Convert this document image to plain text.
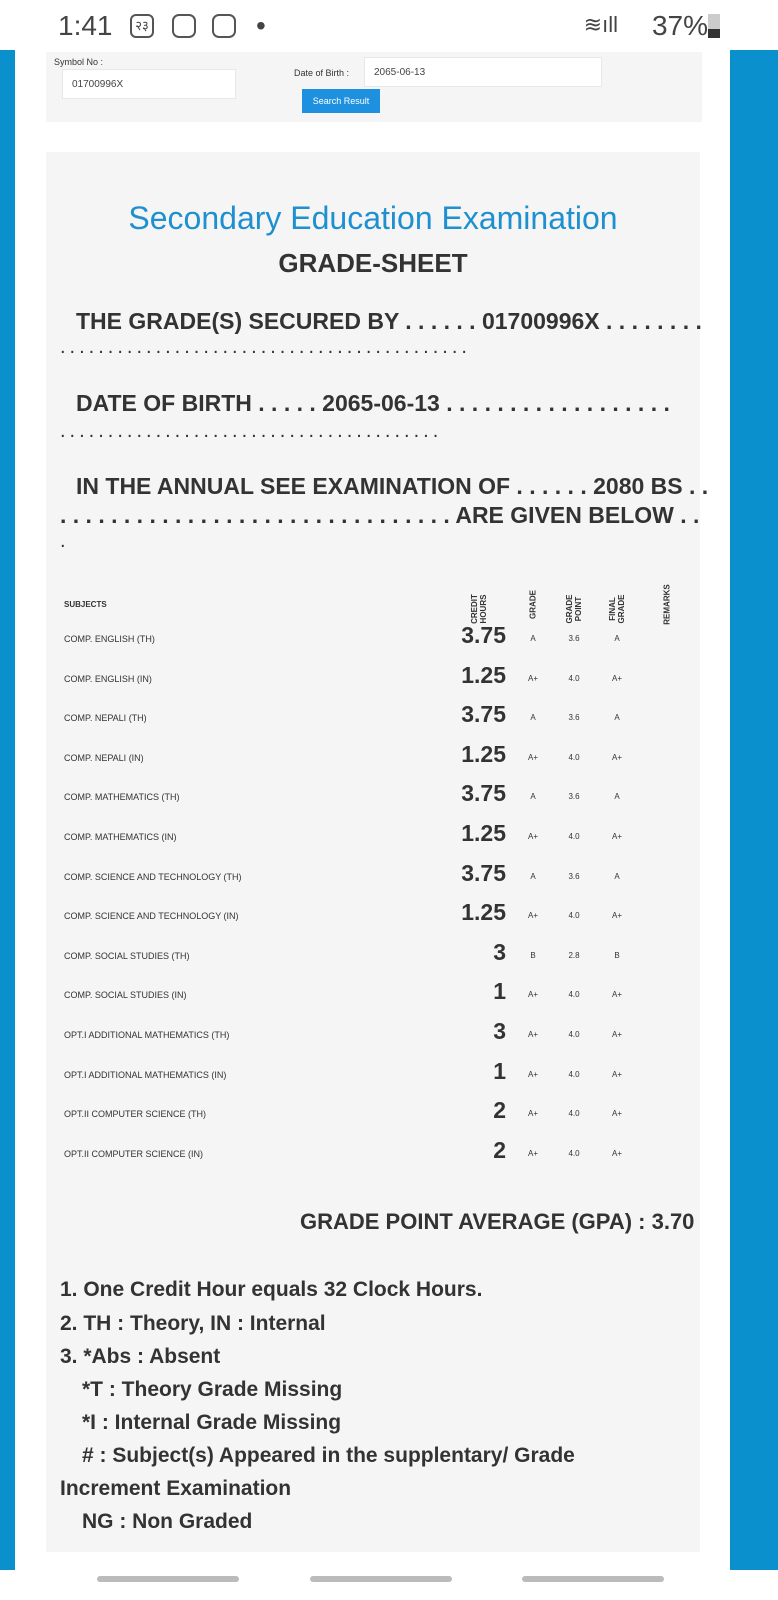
1:41	२३	•	≋ıll 37%
Symbol No :
01700996X
Date of Birth :	2065-06-13
Search Result
Secondary Education Examination
GRADE-SHEET
THE GRADE(S) SECURED BY . . . . . . 01700996X . . . . . . . .
...........................................
DATE OF BIRTH . . . . . 2065-06-13 . . . . . . . . . . . . . . . . . .
........................................
IN THE ANNUAL SEE EXAMINATION OF . . . . . . 2080 BS . .
. . . . . . . . . . . . . . . . . . . . . . . . . . . . . . . ARE GIVEN BELOW . .
.
SUBJECTS	CREDIT HOURS	GRADE	GRADE POINT	FINAL GRADE	REMARKS
COMP. ENGLISH (TH)	3.75	A	3.6	A
COMP. ENGLISH (IN)	1.25	A+	4.0	A+
COMP. NEPALI (TH)	3.75	A	3.6	A
COMP. NEPALI (IN)	1.25	A+	4.0	A+
COMP. MATHEMATICS (TH)	3.75	A	3.6	A
COMP. MATHEMATICS (IN)	1.25	A+	4.0	A+
COMP. SCIENCE AND TECHNOLOGY (TH)	3.75	A	3.6	A
COMP. SCIENCE AND TECHNOLOGY (IN)	1.25	A+	4.0	A+
COMP. SOCIAL STUDIES (TH)	3	B	2.8	B
COMP. SOCIAL STUDIES (IN)	1	A+	4.0	A+
OPT.I ADDITIONAL MATHEMATICS (TH)	3	A+	4.0	A+
OPT.I ADDITIONAL MATHEMATICS (IN)	1	A+	4.0	A+
OPT.II COMPUTER SCIENCE (TH)	2	A+	4.0	A+
OPT.II COMPUTER SCIENCE (IN)	2	A+	4.0	A+
GRADE POINT AVERAGE (GPA) : 3.70
1. One Credit Hour equals 32 Clock Hours.
2. TH : Theory, IN : Internal
3. *Abs : Absent
*T : Theory Grade Missing
*I : Internal Grade Missing
# : Subject(s) Appeared in the supplentary/ Grade
Increment Examination
NG : Non Graded
